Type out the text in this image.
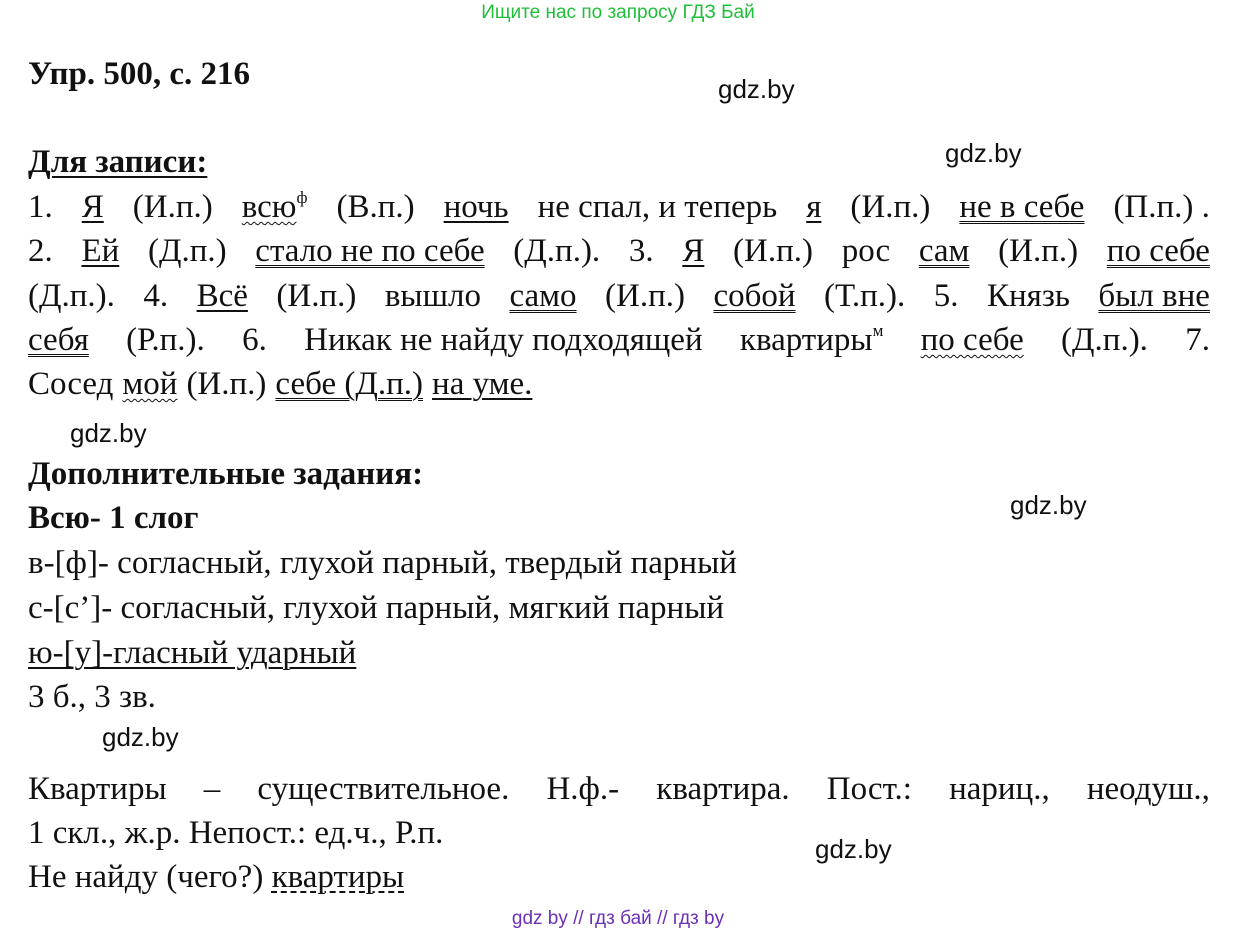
Ищите нас по запросу ГДЗ Бай
gdz.by
gdz.by
gdz.by
gdz.by
gdz.by
gdz.by
Упр. 500, с. 216
Для записи:
1. Я (И.п.) всю$^ф$ (В.п.) ночь не спал, и теперь я (И.п.) не в себе (П.п.) .
2. Ей (Д.п.) стало не по себе (Д.п.). 3. Я (И.п.) рос сам (И.п.) по себе
(Д.п.). 4. Всё (И.п.) вышло само (И.п.) собой (Т.п.). 5. Князь был вне
себя (Р.п.). 6. Никак не найду подходящей квартиры$^м$ по себе (Д.п.). 7.
Сосед мой (И.п.) себе (Д.п.) на уме.
Дополнительные задания:
Всю- 1 слог
в-[ф]- согласный, глухой парный, твердый парный
с-[с’]- согласный, глухой парный, мягкий парный
ю-[у]-гласный ударный
3 б., 3 зв.
Квартиры – существительное. Н.ф.- квартира. Пост.: нариц., неодуш.,
1 скл., ж.р. Непост.: ед.ч., Р.п.
Не найду (чего?) квартиры
gdz by // гдз бай // гдз by
